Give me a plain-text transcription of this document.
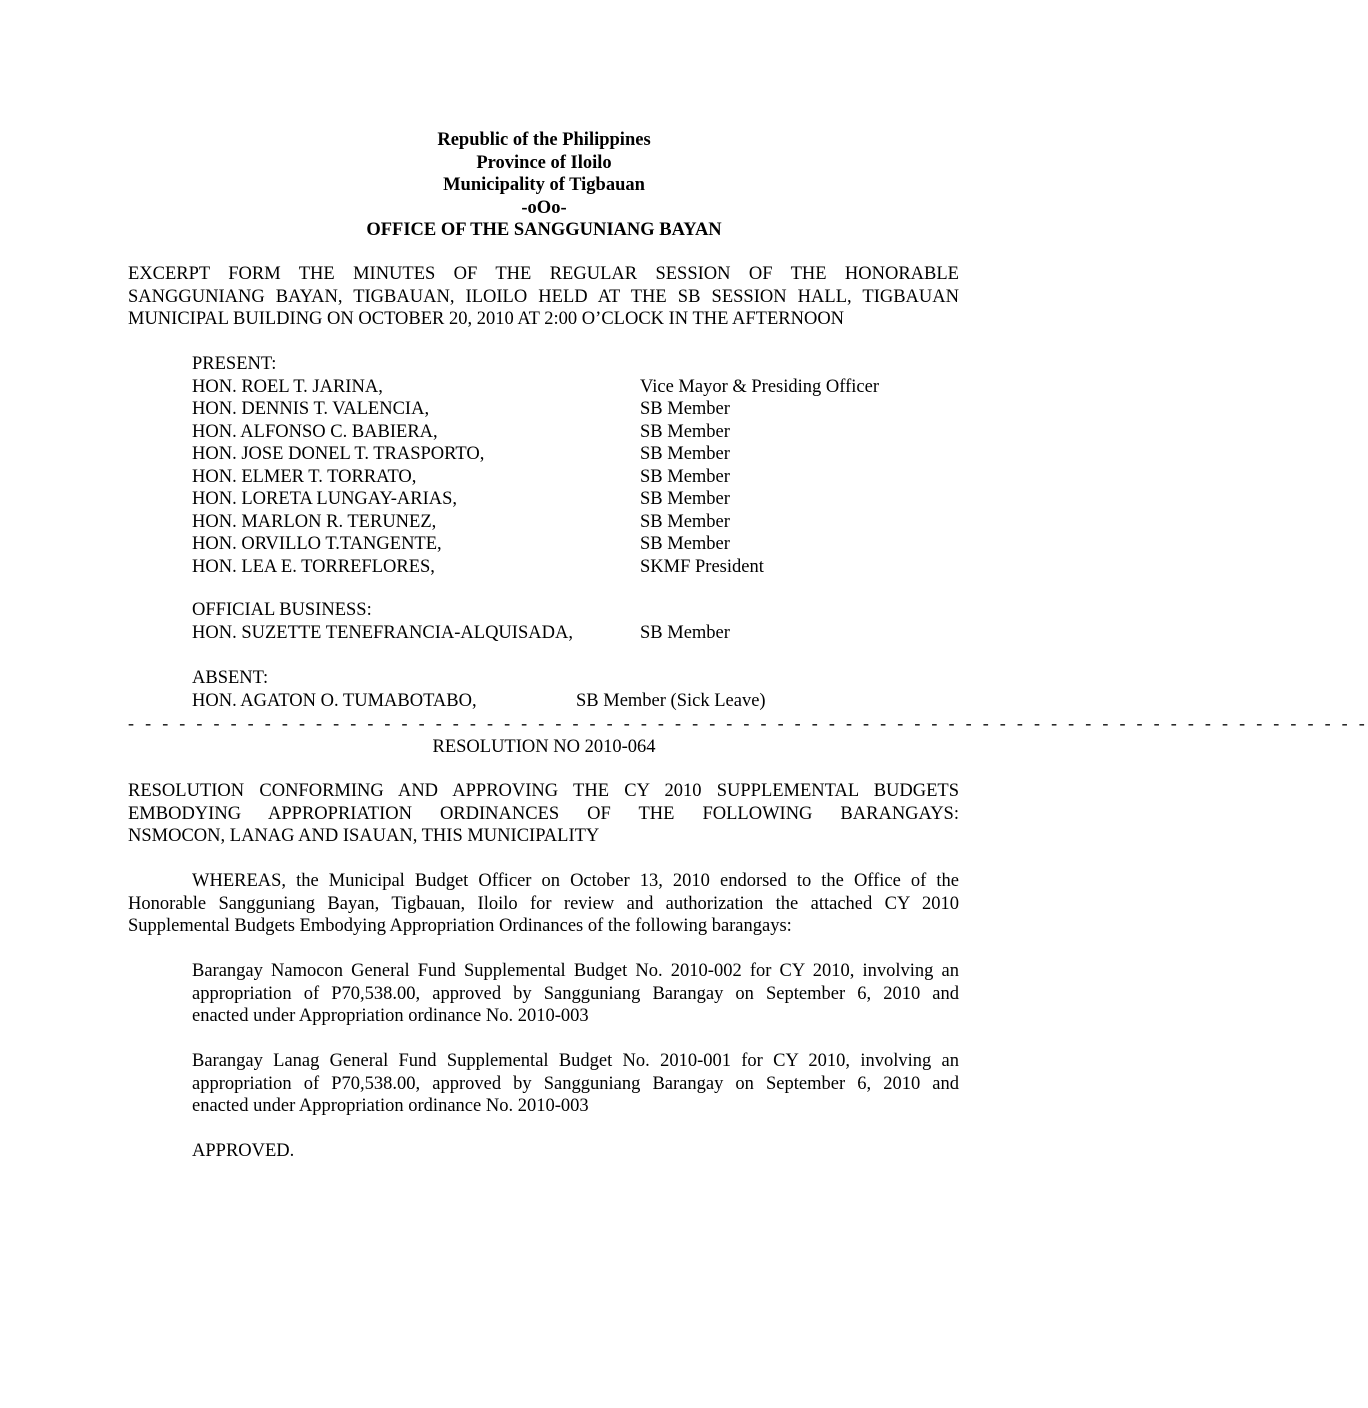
Republic of the Philippines
Province of Iloilo
Municipality of Tigbauan
-oOo-
OFFICE OF THE SANGGUNIANG BAYAN
EXCERPT FORM THE MINUTES OF THE REGULAR SESSION OF THE HONORABLE
SANGGUNIANG BAYAN, TIGBAUAN, ILOILO HELD AT THE SB SESSION HALL, TIGBAUAN
MUNICIPAL BUILDING ON OCTOBER 20, 2010 AT 2:00 O’CLOCK IN THE AFTERNOON
PRESENT:
HON. ROEL T. JARINA,	Vice Mayor & Presiding Officer
HON. DENNIS T. VALENCIA,	SB Member
HON. ALFONSO C. BABIERA,	SB Member
HON. JOSE DONEL T. TRASPORTO,	SB Member
HON. ELMER T. TORRATO,	SB Member
HON. LORETA LUNGAY-ARIAS,	SB Member
HON. MARLON R. TERUNEZ,	SB Member
HON. ORVILLO T.TANGENTE,	SB Member
HON. LEA E. TORREFLORES,	SKMF President
OFFICIAL BUSINESS:
HON. SUZETTE TENEFRANCIA-ALQUISADA,	SB Member
ABSENT:
HON. AGATON O. TUMABOTABO,	SB Member (Sick Leave)
- - - - - - - - - - - - - - - - - - - - - - - - - - - - - - - - - - - - - - - - - - - - - - - - - - - - - - - - - - - - - - - - - - - - - - - - -
RESOLUTION NO 2010-064
RESOLUTION CONFORMING AND APPROVING THE CY 2010 SUPPLEMENTAL BUDGETS
EMBODYING APPROPRIATION ORDINANCES OF THE FOLLOWING BARANGAYS:
NSMOCON, LANAG AND ISAUAN, THIS MUNICIPALITY
WHEREAS, the Municipal Budget Officer on October 13, 2010 endorsed to the Office of the
Honorable Sangguniang Bayan, Tigbauan, Iloilo for review and authorization the attached CY 2010
Supplemental Budgets Embodying Appropriation Ordinances of the following barangays:
Barangay Namocon General Fund Supplemental Budget No. 2010-002 for CY 2010, involving an
appropriation of P70,538.00, approved by Sangguniang Barangay on September 6, 2010 and
enacted under Appropriation ordinance No. 2010-003
Barangay Lanag General Fund Supplemental Budget No. 2010-001 for CY 2010, involving an
appropriation of P70,538.00, approved by Sangguniang Barangay on September 6, 2010 and
enacted under Appropriation ordinance No. 2010-003
APPROVED.
